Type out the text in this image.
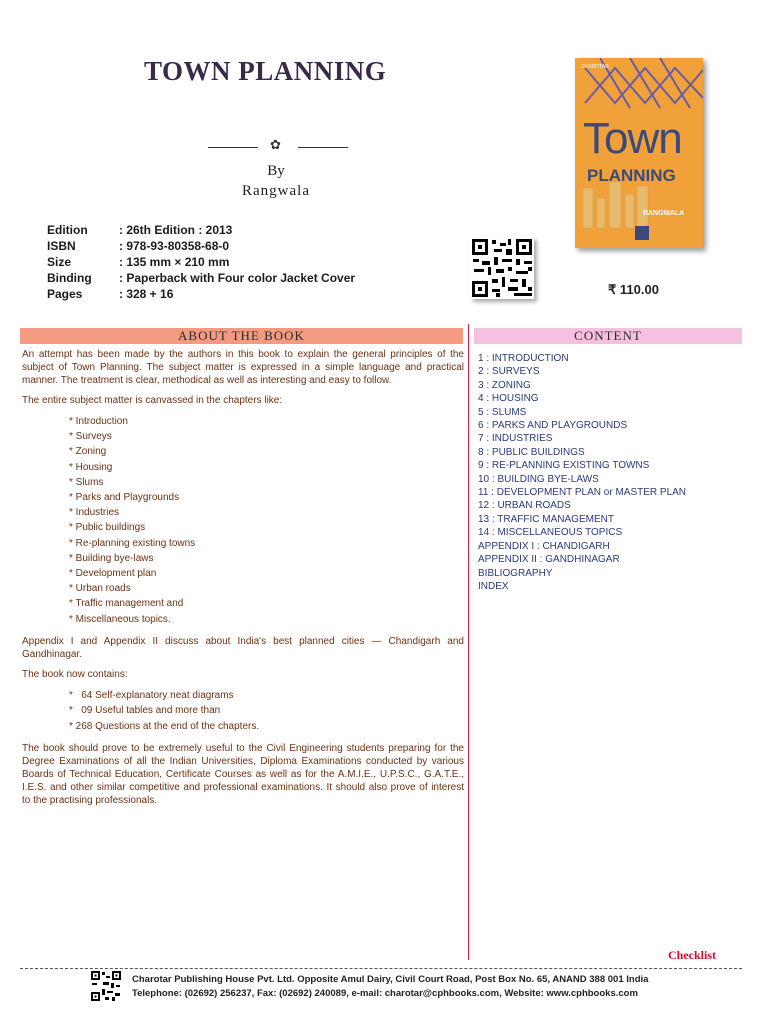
TOWN PLANNING
✿
By
Rangwala
Edition	: 26th Edition : 2013
ISBN	: 978-93-80358-68-0
Size	: 135 mm × 210 mm
Binding	: Paperback with Four color Jacket Cover
Pages	: 328 + 16
CHAROTAR
Town
PLANNING
RANGWALA
₹ 110.00
ABOUT THE BOOK	CONTENT

An attempt has been made by the authors in this book to explain the general principles of the subject of Town Planning. The subject matter is expressed in a simple language and practical manner. The treatment is clear, methodical as well as interesting and easy to follow.

The entire subject matter is canvassed in the chapters like:

* Introduction
* Surveys
* Zoning
* Housing
* Slums
* Parks and Playgrounds
* Industries
* Public buildings
* Re-planning existing towns
* Building bye-laws
* Development plan
* Urban roads
* Traffic management and
* Miscellaneous topics.

Appendix I and Appendix II discuss about India's best planned cities — Chandigarh and Gandhinagar.

The book now contains:

*   64 Self-explanatory neat diagrams
*   09 Useful tables and more than
* 268 Questions at the end of the chapters.

The book should prove to be extremely useful to the Civil Engineering students preparing for the Degree Examinations of all the Indian Universities, Diploma Examinations conducted by various Boards of Technical Education, Certificate Courses as well as for the A.M.I.E., U.P.S.C., G.A.T.E., I.E.S. and other similar competitive and professional examinations. It should also prove of interest to the practising professionals.

1 : INTRODUCTION
2 : SURVEYS
3 : ZONING
4 : HOUSING
5 : SLUMS
6 : PARKS AND PLAYGROUNDS
7 : INDUSTRIES
8 : PUBLIC BUILDINGS
9 : RE-PLANNING EXISTING TOWNS
10 : BUILDING BYE-LAWS
11 : DEVELOPMENT PLAN or MASTER PLAN
12 : URBAN ROADS
13 : TRAFFIC MANAGEMENT
14 : MISCELLANEOUS TOPICS
APPENDIX I : CHANDIGARH
APPENDIX II : GANDHINAGAR
BIBLIOGRAPHY
INDEX
Checklist
Charotar Publishing House Pvt. Ltd. Opposite Amul Dairy, Civil Court Road, Post Box No. 65, ANAND 388 001 India
Telephone: (02692) 256237, Fax: (02692) 240089, e-mail: charotar@cphbooks.com, Website: www.cphbooks.com
